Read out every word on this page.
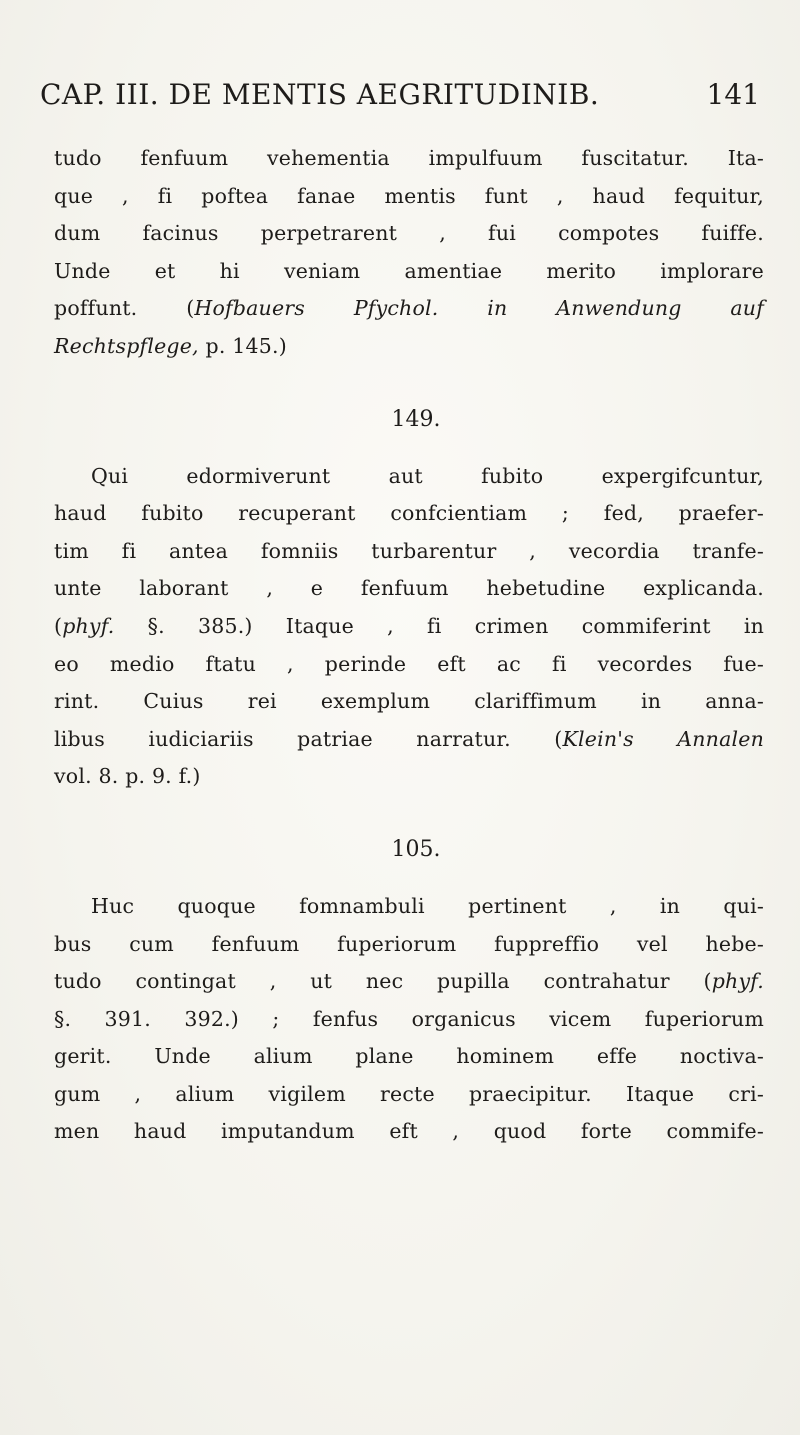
CAP. III. DE MENTIS AEGRITUDINIB.	141
tudo fenfuum vehementia impulfuum fuscitatur. Ita-
que , fi poftea fanae mentis funt , haud fequitur,
dum facinus perpetrarent , fui compotes fuiffe.
Unde et hi veniam amentiae merito implorare
poffunt. (Hofbauers Pfychol. in Anwendung auf
Rechtspflege, p. 145.)
149.
Qui edormiverunt aut fubito expergifcuntur,
haud fubito recuperant confcientiam ; fed, praefer-
tim fi antea fomniis turbarentur , vecordia tranfe-
unte laborant , e fenfuum hebetudine explicanda.
(phyf. §. 385.) Itaque , fi crimen commiferint in
eo medio ftatu , perinde eft ac fi vecordes fue-
rint. Cuius rei exemplum clariffimum in anna-
libus iudiciariis patriae narratur. (Klein's Annalen
vol. 8. p. 9. f.)
105.
Huc quoque fomnambuli pertinent , in qui-
bus cum fenfuum fuperiorum fuppreffio vel hebe-
tudo contingat , ut nec pupilla contrahatur (phyf.
§. 391. 392.) ; fenfus organicus vicem fuperiorum
gerit. Unde alium plane hominem effe noctiva-
gum , alium vigilem recte praecipitur. Itaque cri-
men haud imputandum eft , quod forte commife-
